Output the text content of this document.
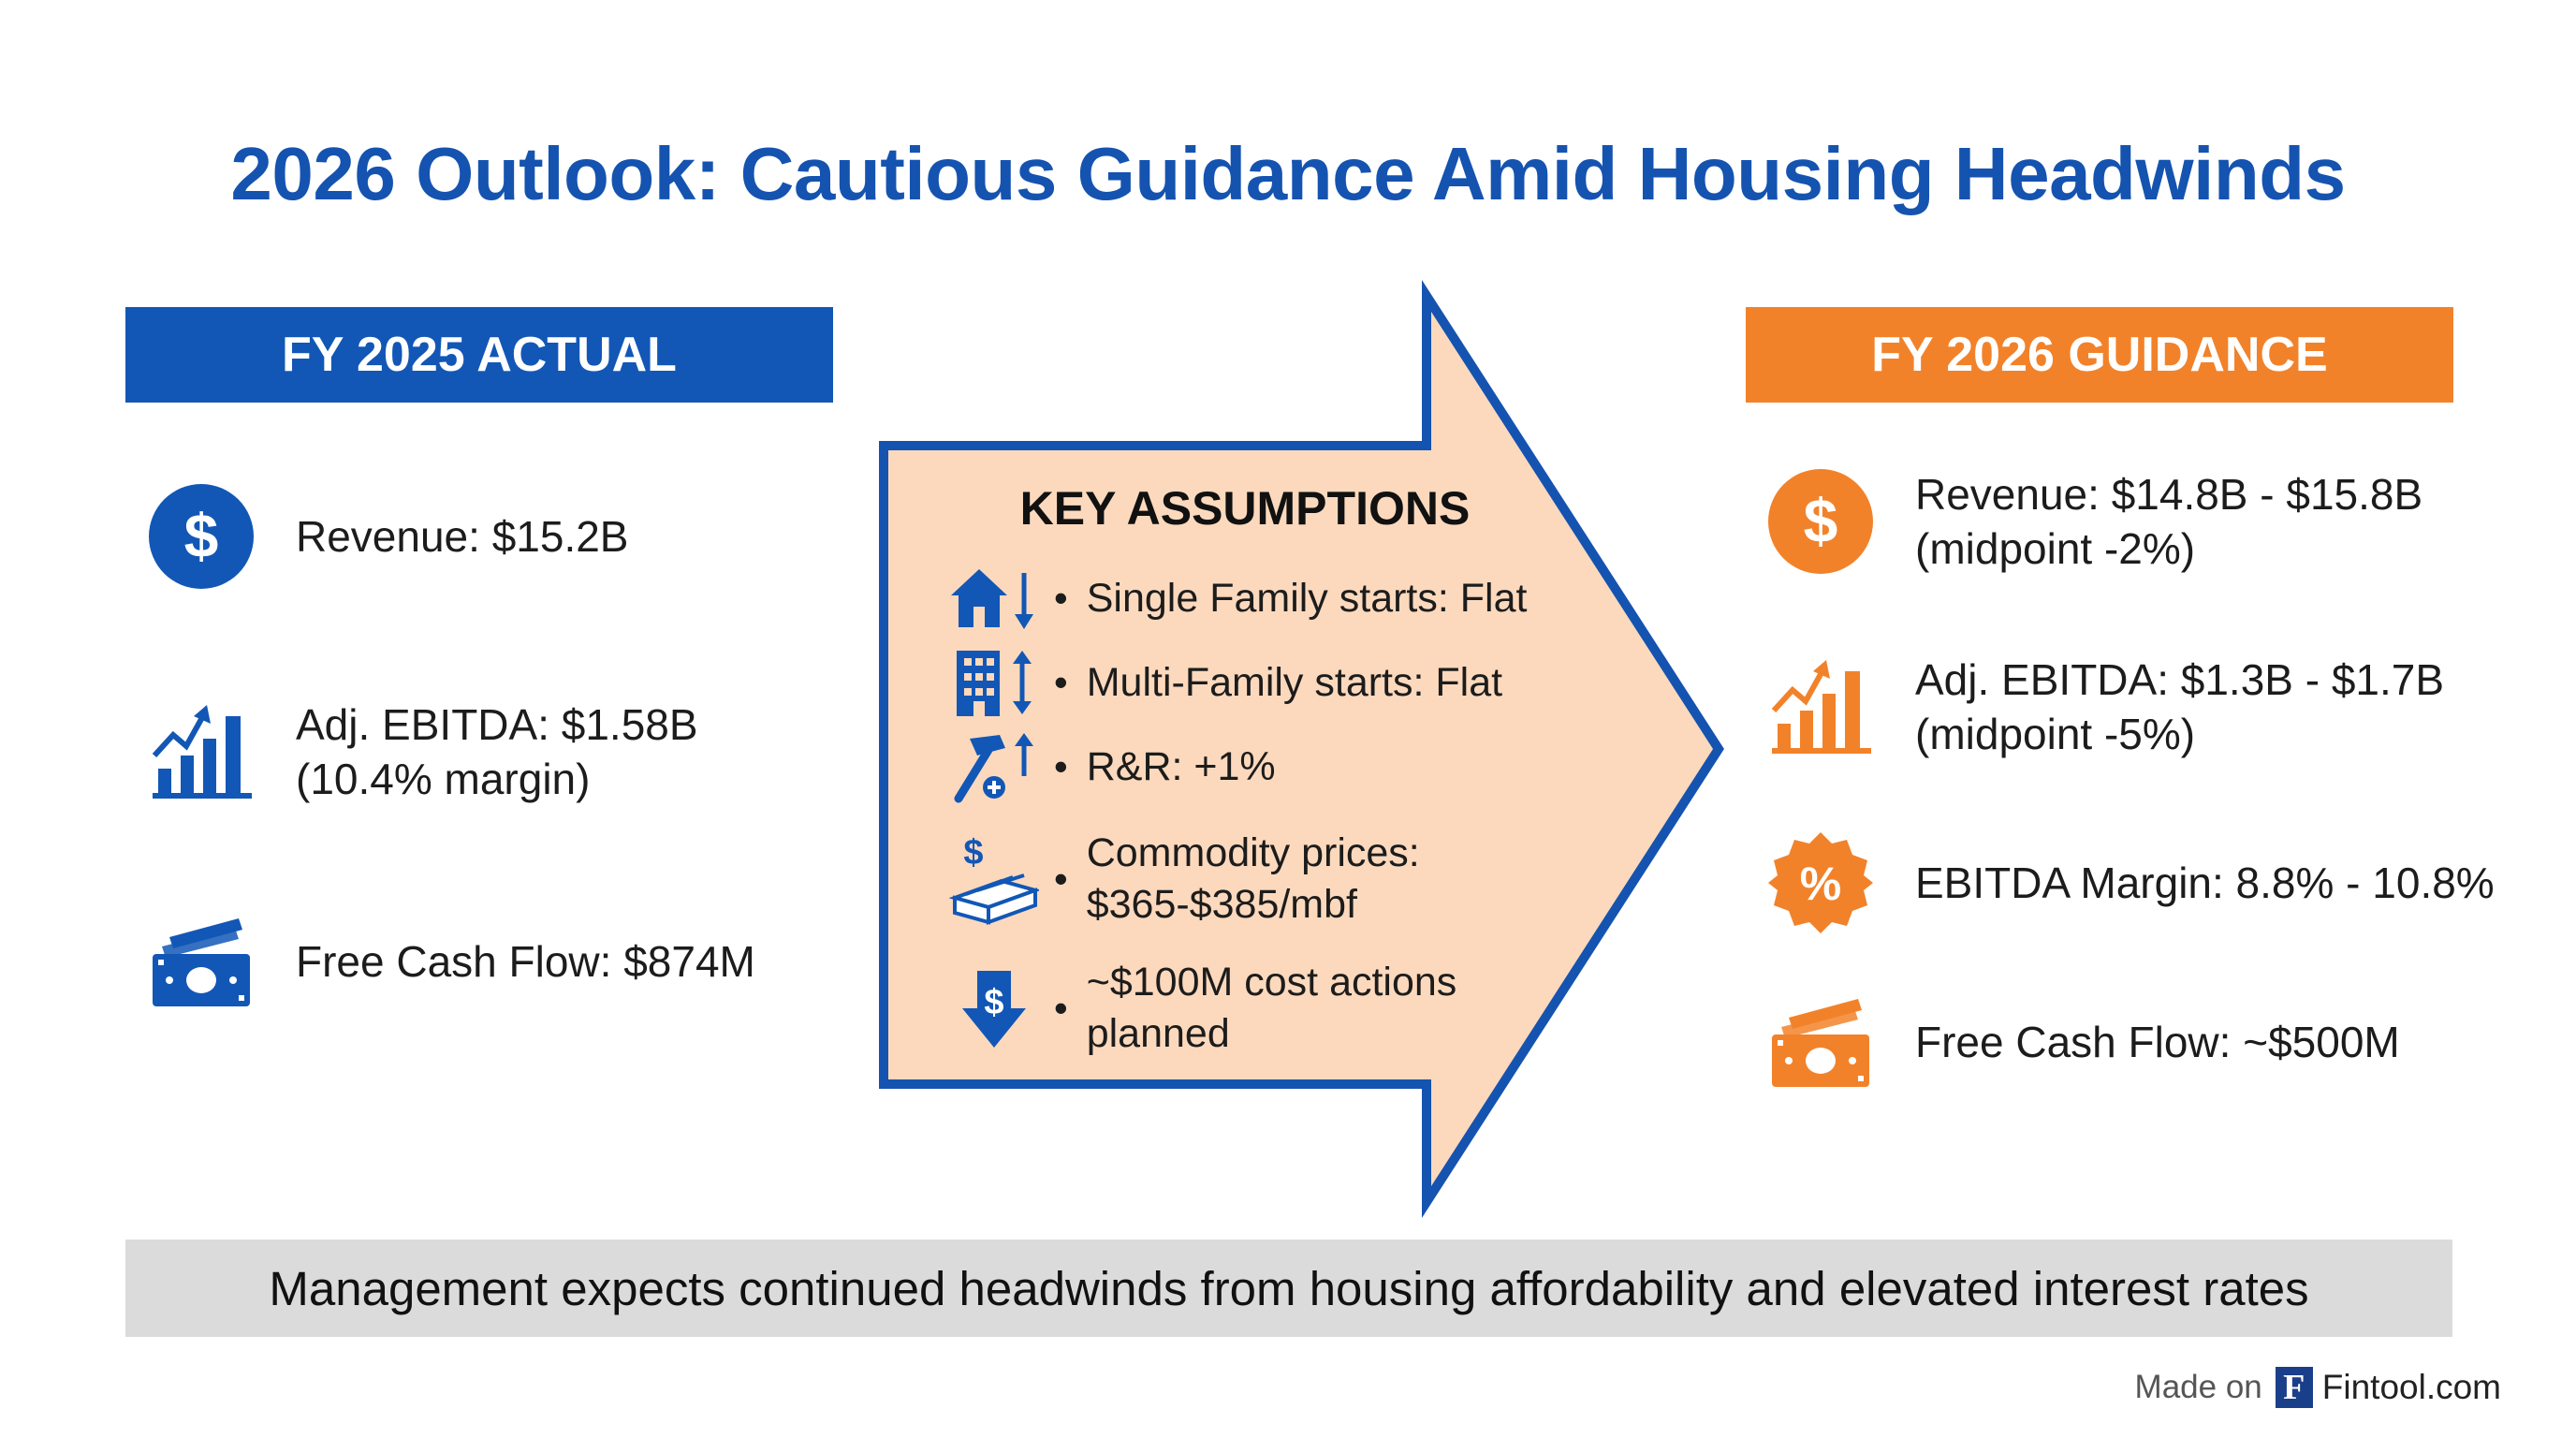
2026 Outlook: Cautious Guidance Amid Housing Headwinds
FY 2025 ACTUAL	FY 2026 GUIDANCE
$ Revenue: $15.2B
Adj. EBITDA: $1.58B
(10.4% margin)
Free Cash Flow: $874M
KEY ASSUMPTIONS
• Single Family starts: Flat
• Multi-Family starts: Flat
• R&R: +1%
$
•
Commodity prices:
$365-$385/mbf
$ •
~$100M cost actions
planned
$ Revenue: $14.8B - $15.8B
(midpoint -2%)
Adj. EBITDA: $1.3B - $1.7B
(midpoint -5%)
% EBITDA Margin: 8.8% - 10.8%
Free Cash Flow: ~$500M
Management expects continued headwinds from housing affordability and elevated interest rates
Made on F Fintool.com
